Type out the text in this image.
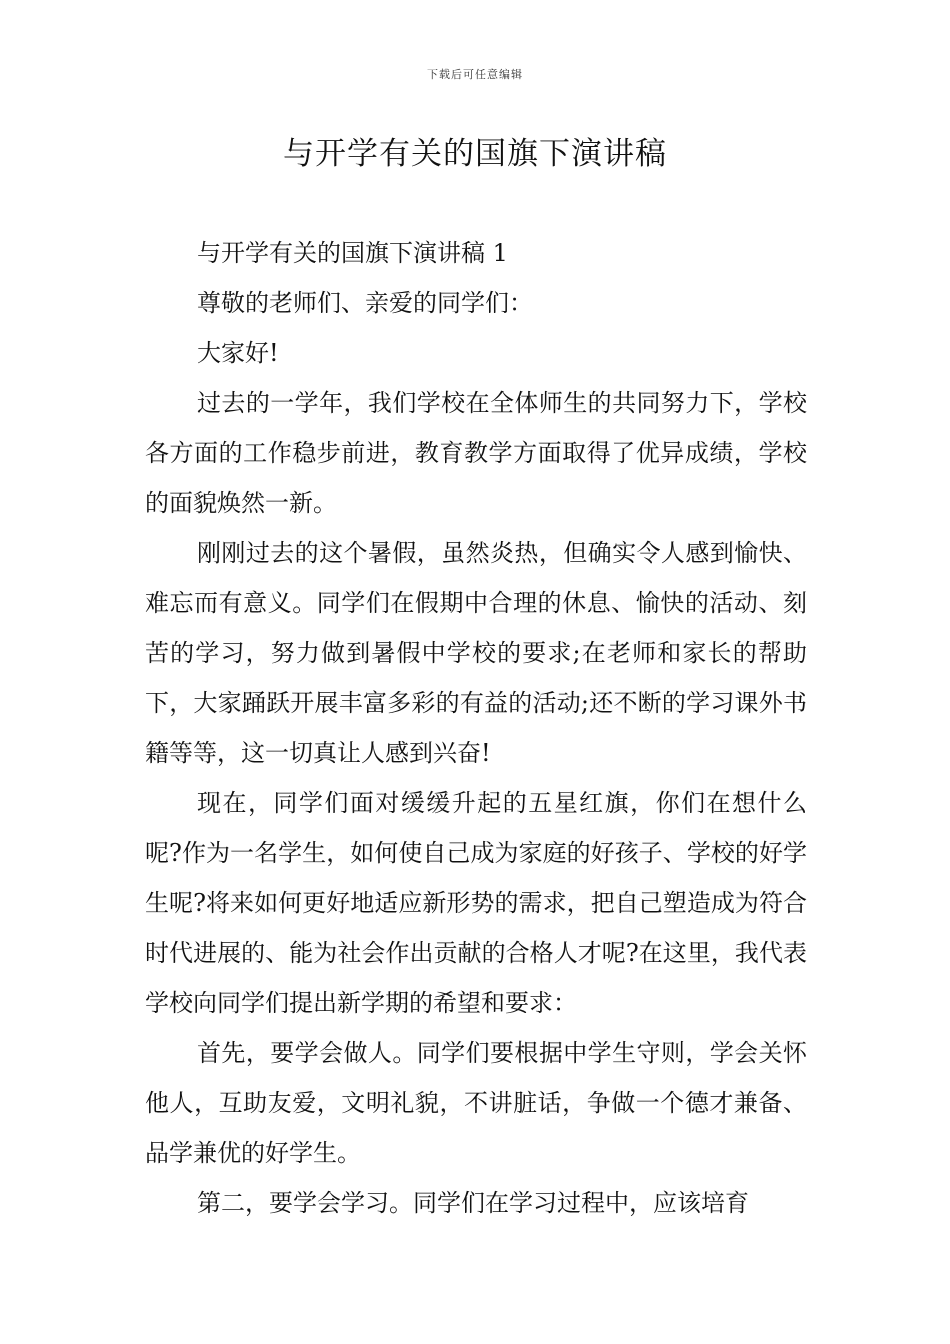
下载后可任意编辑
与开学有关的国旗下演讲稿

与开学有关的国旗下演讲稿 1

尊敬的老师们、亲爱的同学们：

大家好!

过去的一学年，我们学校在全体师生的共同努力下，学校各方面的工作稳步前进，教育教学方面取得了优异成绩，学校的面貌焕然一新。

刚刚过去的这个暑假，虽然炎热，但确实令人感到愉快、难忘而有意义。同学们在假期中合理的休息、愉快的活动、刻苦的学习，努力做到暑假中学校的要求;在老师和家长的帮助下，大家踊跃开展丰富多彩的有益的活动;还不断的学习课外书籍等等，这一切真让人感到兴奋!

现在，同学们面对缓缓升起的五星红旗，你们在想什么呢?作为一名学生，如何使自己成为家庭的好孩子、学校的好学生呢?将来如何更好地适应新形势的需求，把自己塑造成为符合时代进展的、能为社会作出贡献的合格人才呢?在这里，我代表学校向同学们提出新学期的希望和要求：

首先，要学会做人。同学们要根据中学生守则，学会关怀他人，互助友爱，文明礼貌，不讲脏话，争做一个德才兼备、品学兼优的好学生。

第二，要学会学习。同学们在学习过程中，应该培育
